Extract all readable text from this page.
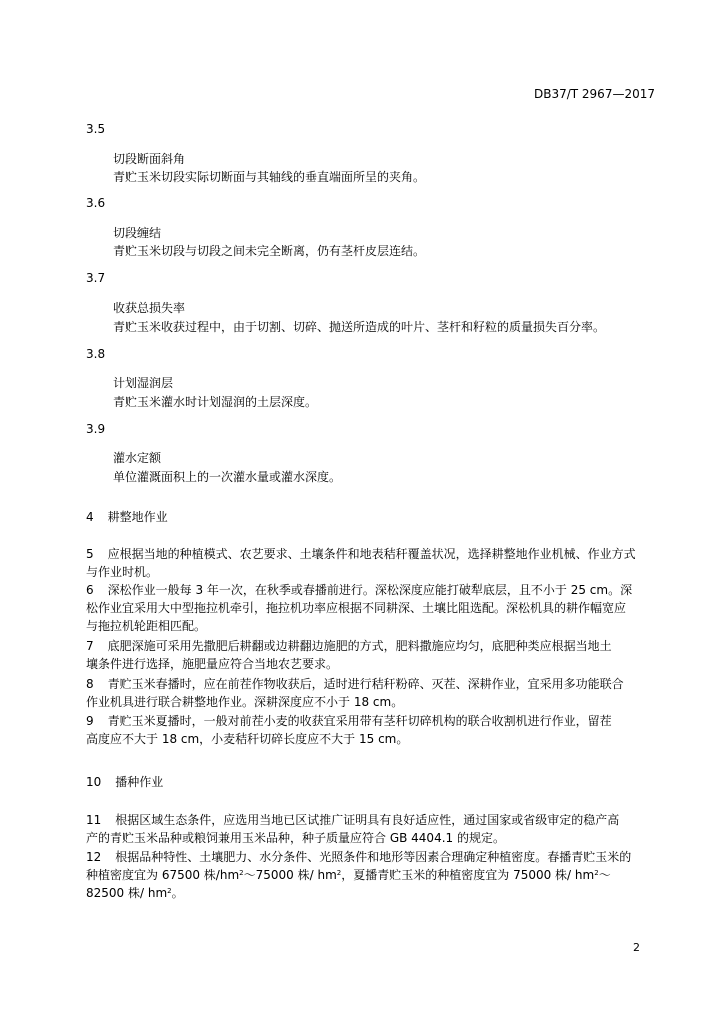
DB37/T 2967—2017
3.5
切段断面斜角
青贮玉米切段实际切断面与其轴线的垂直端面所呈的夹角。
3.6
切段缠结
青贮玉米切段与切段之间未完全断离，仍有茎杆皮层连结。
3.7
收获总损失率
青贮玉米收获过程中，由于切割、切碎、抛送所造成的叶片、茎杆和籽粒的质量损失百分率。
3.8
计划湿润层
青贮玉米灌水时计划湿润的土层深度。
3.9
灌水定额
单位灌溉面积上的一次灌水量或灌水深度。
4 耕整地作业
5 应根据当地的种植模式、农艺要求、土壤条件和地表秸秆覆盖状况，选择耕整地作业机械、作业方式
与作业时机。
6 深松作业一般每 3 年一次，在秋季或春播前进行。深松深度应能打破犁底层，且不小于 25 cm。深
松作业宜采用大中型拖拉机牵引，拖拉机功率应根据不同耕深、土壤比阻选配。深松机具的耕作幅宽应
与拖拉机轮距相匹配。
7 底肥深施可采用先撒肥后耕翻或边耕翻边施肥的方式，肥料撒施应均匀，底肥种类应根据当地土
壤条件进行选择，施肥量应符合当地农艺要求。
8 青贮玉米春播时，应在前茬作物收获后，适时进行秸秆粉碎、灭茬、深耕作业，宜采用多功能联合
作业机具进行联合耕整地作业。深耕深度应不小于 18 cm。
9 青贮玉米夏播时，一般对前茬小麦的收获宜采用带有茎秆切碎机构的联合收割机进行作业，留茬
高度应不大于 18 cm，小麦秸秆切碎长度应不大于 15 cm。
10 播种作业
11 根据区域生态条件，应选用当地已区试推广证明具有良好适应性，通过国家或省级审定的稳产高
产的青贮玉米品种或粮饲兼用玉米品种，种子质量应符合 GB 4404.1 的规定。
12 根据品种特性、土壤肥力、水分条件、光照条件和地形等因素合理确定种植密度。春播青贮玉米的
种植密度宜为 67500 株$/hm^2\sim 75000$ 株/ $hm^2$，夏播青贮玉米的种植密度宜为 75000 株/ $hm^2\sim$
82500 株/ $hm^2$。
2
